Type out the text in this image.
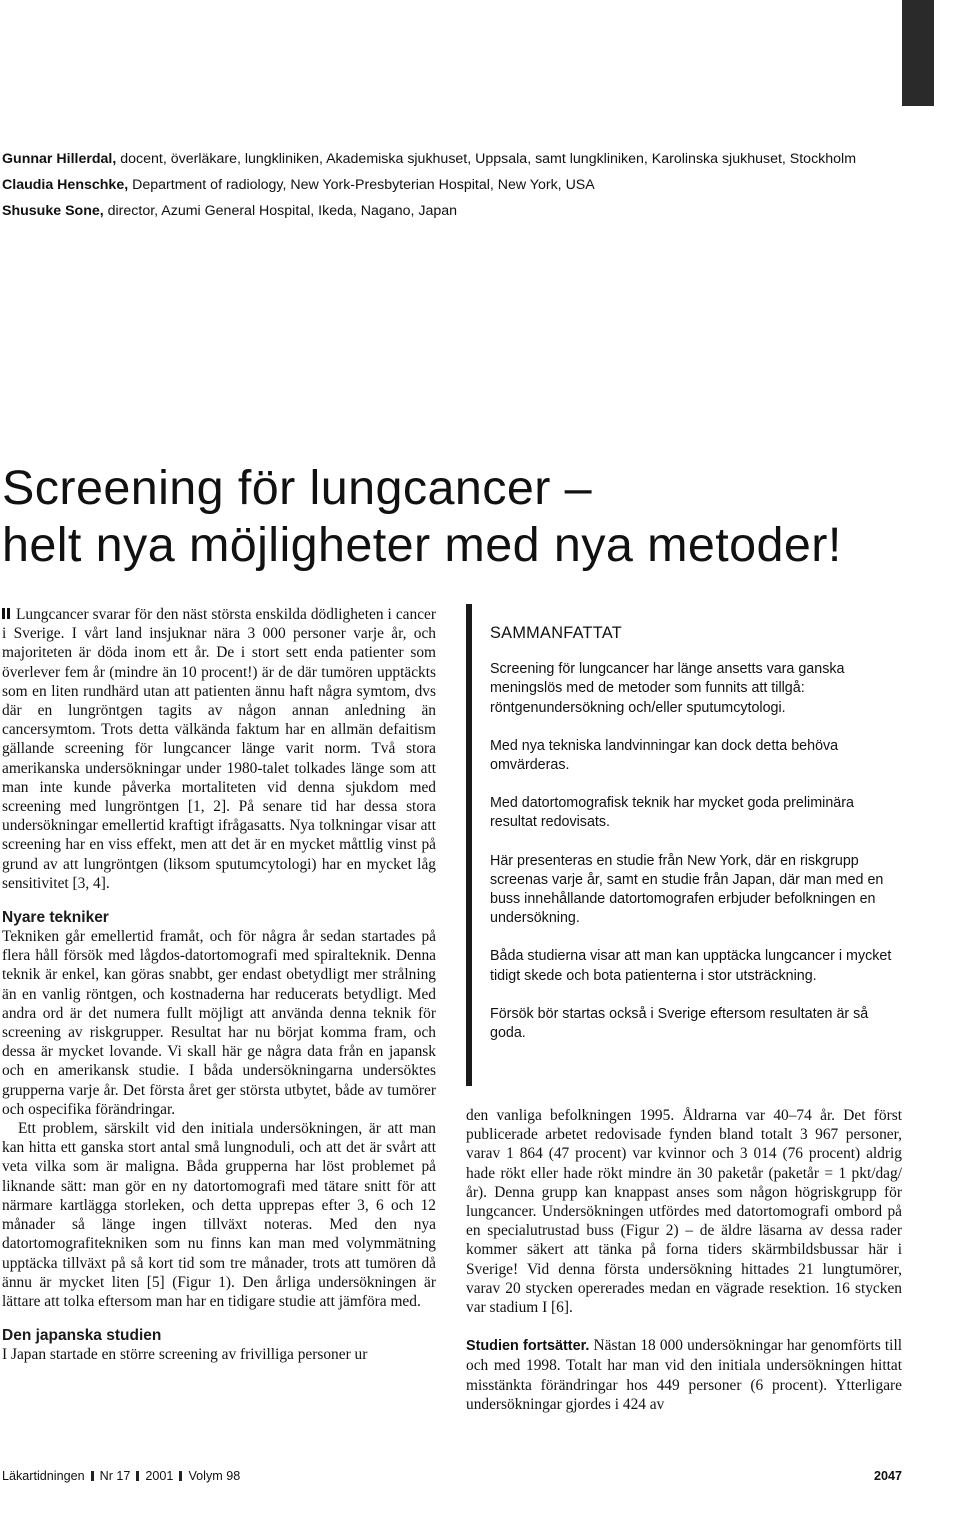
Gunnar Hillerdal, docent, överläkare, lungkliniken, Akademiska sjukhuset, Uppsala, samt lungkliniken, Karolinska sjukhuset, Stockholm

Claudia Henschke, Department of radiology, New York-Presbyterian Hospital, New York, USA

Shusuke Sone, director, Azumi General Hospital, Ikeda, Nagano, Japan

Screening för lungcancer –
helt nya möjligheter med nya metoder!

Lungcancer svarar för den näst största enskilda dödligheten i cancer i Sverige. I vårt land insjuknar nära 3 000 personer varje år, och majoriteten är döda inom ett år. De i stort sett enda patienter som överlever fem år (mindre än 10 procent!) är de där tumören upptäckts som en liten rundhärd utan att patienten ännu haft några symtom, dvs där en lungröntgen tagits av någon annan anledning än cancersymtom. Trots detta välkända faktum har en allmän defaitism gällande screening för lungcancer länge varit norm. Två stora amerikanska undersökningar under 1980-talet tolkades länge som att man inte kunde påverka mortaliteten vid denna sjukdom med screening med lungröntgen [1, 2]. På senare tid har dessa stora undersökningar emellertid kraftigt ifrågasatts. Nya tolkningar visar att screening har en viss effekt, men att det är en mycket måttlig vinst på grund av att lungröntgen (liksom sputumcytologi) har en mycket låg sensitivitet [3, 4].

Nyare tekniker

Tekniken går emellertid framåt, och för några år sedan startades på flera håll försök med lågdos-datortomografi med spiralteknik. Denna teknik är enkel, kan göras snabbt, ger endast obetydligt mer strålning än en vanlig röntgen, och kostnaderna har reducerats betydligt. Med andra ord är det numera fullt möjligt att använda denna teknik för screening av riskgrupper. Resultat har nu börjat komma fram, och dessa är mycket lovande. Vi skall här ge några data från en japansk och en amerikansk studie. I båda undersökningarna undersöktes grupperna varje år. Det första året ger största utbytet, både av tumörer och ospecifika förändringar.

Ett problem, särskilt vid den initiala undersökningen, är att man kan hitta ett ganska stort antal små lungnoduli, och att det är svårt att veta vilka som är maligna. Båda grupperna har löst problemet på liknande sätt: man gör en ny datortomografi med tätare snitt för att närmare kartlägga storleken, och detta upprepas efter 3, 6 och 12 månader så länge ingen tillväxt noteras. Med den nya datortomografitekniken som nu finns kan man med volymmätning upptäcka tillväxt på så kort tid som tre månader, trots att tumören då ännu är mycket liten [5] (Figur 1). Den årliga undersökningen är lättare att tolka eftersom man har en tidigare studie att jämföra med.

Den japanska studien

I Japan startade en större screening av frivilliga personer ur

SAMMANFATTAT

Screening för lungcancer har länge ansetts vara ganska meningslös med de metoder som funnits att tillgå: röntgenundersökning och/eller sputumcytologi.

Med nya tekniska landvinningar kan dock detta behöva omvärderas.

Med datortomografisk teknik har mycket goda preliminära resultat redovisats.

Här presenteras en studie från New York, där en riskgrupp screenas varje år, samt en studie från Japan, där man med en buss innehållande datortomografen erbjuder befolkningen en undersökning.

Båda studierna visar att man kan upptäcka lungcancer i mycket tidigt skede och bota patienterna i stor utsträckning.

Försök bör startas också i Sverige eftersom resultaten är så goda.

den vanliga befolkningen 1995. Åldrarna var 40–74 år. Det först publicerade arbetet redovisade fynden bland totalt 3 967 personer, varav 1 864 (47 procent) var kvinnor och 3 014 (76 procent) aldrig hade rökt eller hade rökt mindre än 30 paketår (paketår = 1 pkt/dag/år). Denna grupp kan knappast anses som någon högriskgrupp för lungcancer. Undersökningen utfördes med datortomografi ombord på en specialutrustad buss (Figur 2) – de äldre läsarna av dessa rader kommer säkert att tänka på forna tiders skärmbildsbussar här i Sverige! Vid denna första undersökning hittades 21 lungtumörer, varav 20 stycken opererades medan en vägrade resektion. 16 stycken var stadium I [6].

Studien fortsätter. Nästan 18 000 undersökningar har genomförts till och med 1998. Totalt har man vid den initiala undersökningen hittat misstänkta förändringar hos 449 personer (6 procent). Ytterligare undersökningar gjordes i 424 av

Läkartidningen Nr 17 2001 Volym 98	2047
